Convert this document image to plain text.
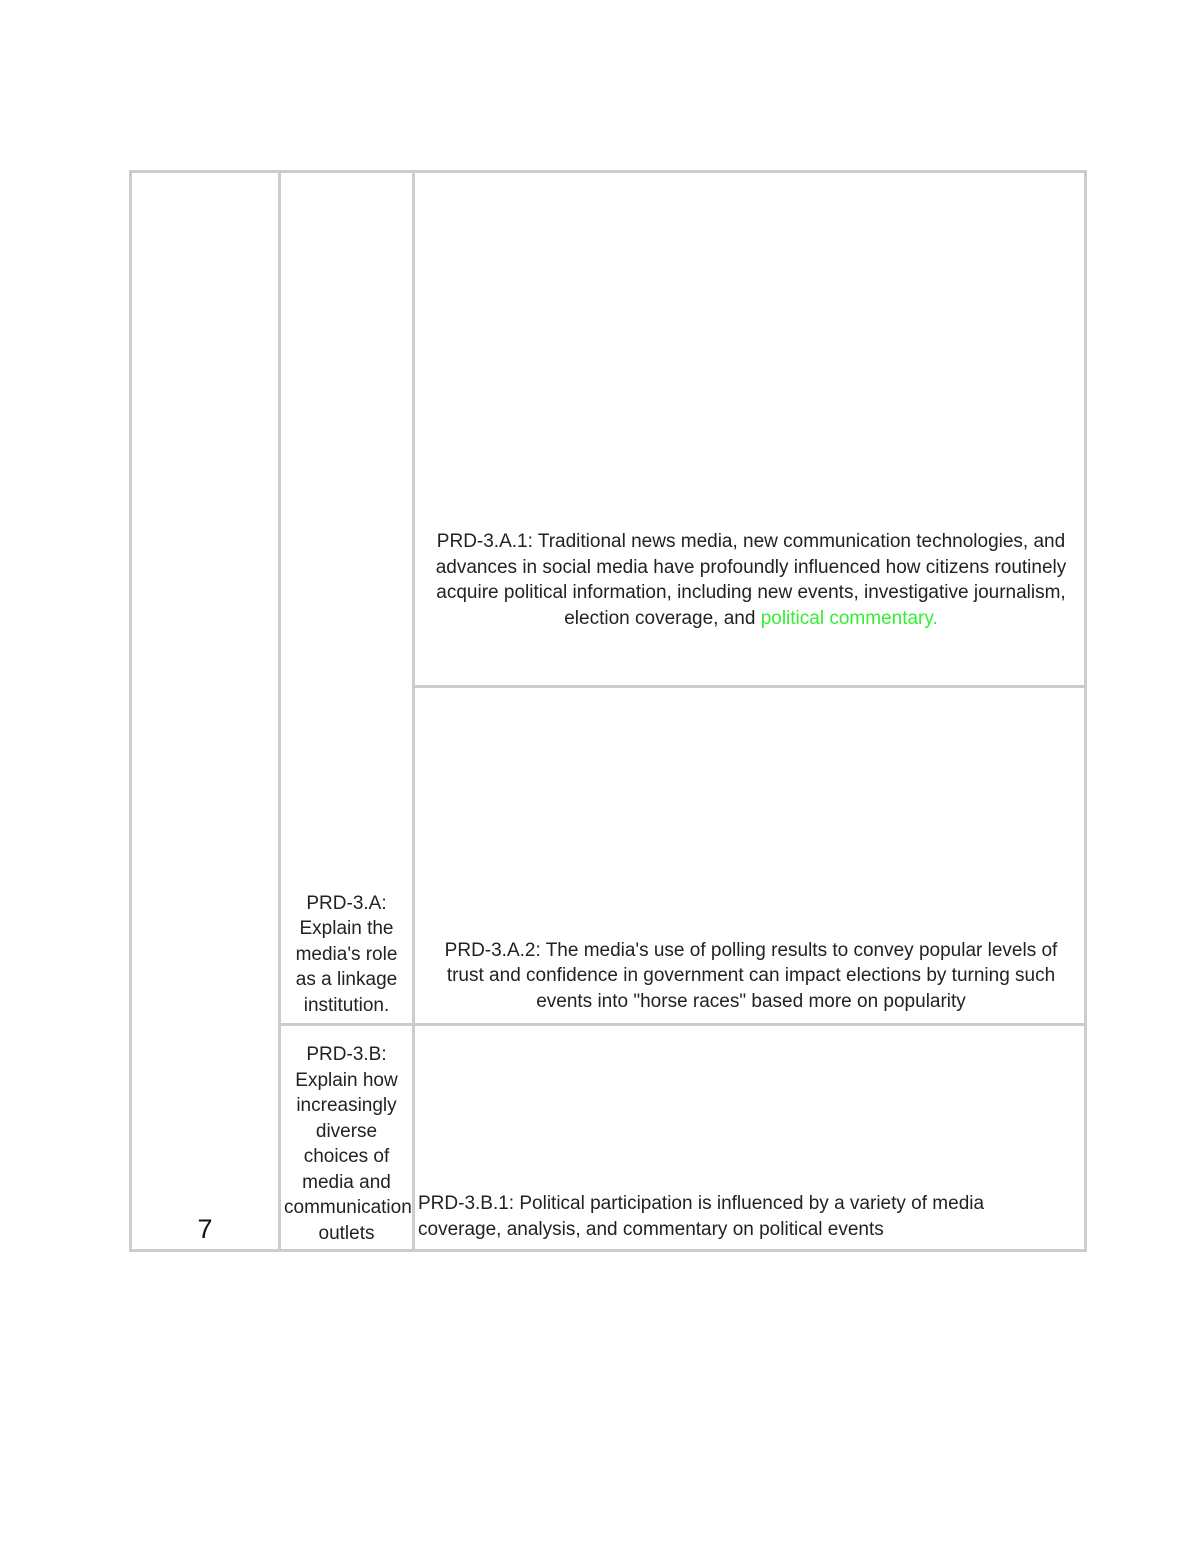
7
PRD-3.A: Explain the media's role as a linkage institution.
PRD-3.B: Explain how increasingly diverse choices of media and communication outlets

PRD-3.A.1: Traditional news media, new communication technologies, and advances in social media have profoundly influenced how citizens routinely acquire political information, including new events, investigative journalism, election coverage, and political commentary.

PRD-3.A.2: The media's use of polling results to convey popular levels of trust and confidence in government can impact elections by turning such events into "horse races" based more on popularity
PRD-3.B.1: Political participation is influenced by a variety of media coverage, analysis, and commentary on political events
